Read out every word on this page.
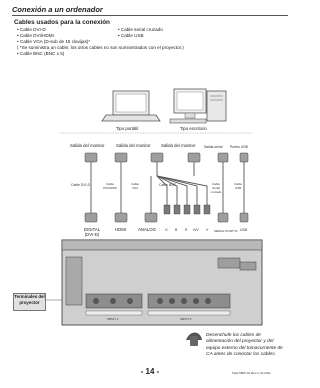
Conexión a un ordenador
Cables usados para la conexión
• Cable DVI-D
• Cable DVI/HDMI
• Cable VGA (D-sub de 15 clavijas)*
( *Se suministra un cable; los otros cables no son suministrados con el proyector.)
• Cable BNC (BNC x 5)
• Cable serial cruzado
• Cable USB
Tipo portátil	Tipo escritorio
Salida del monitor	Salida del monitor Salida del monitor	Salida serial Puerto USB
Cable DVI-D	Cable DVI/HDMI
Cable VGA
Cable BNC	Cable Serial cruzado
Cable USB
DIGITAL (DVI-D)
HDMI	ANALOG	G B R H/V V SERIAL PORT IN USB
Terminales del proyector
INPUT 1	INPUT 2
Desenchufe los cables de alimentación del proyector y del equipo externo del tomacorriente de CA antes de conectar los cables.
- 14 -	KAH-5860-01 Rev.1 (S) 2011
